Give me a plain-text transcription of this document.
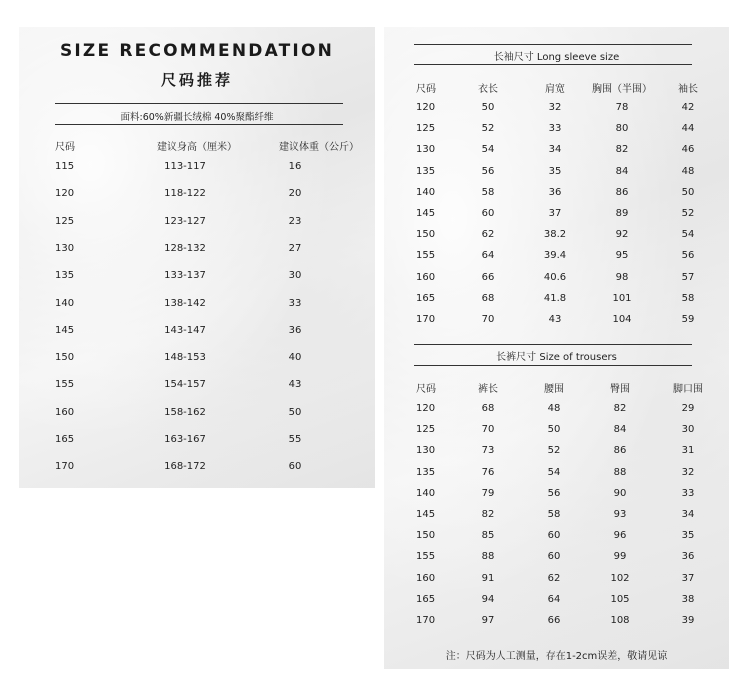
SIZE RECOMMENDATION
尺码推荐
面料:60%新疆长绒棉 40%聚酯纤维
尺码	建议身高（厘米）	建议体重（公斤）
115	113-117	16
120	118-122	20
125	123-127	23
130	128-132	27
135	133-137	30
140	138-142	33
145	143-147	36
150	148-153	40
155	154-157	43
160	158-162	50
165	163-167	55
170	168-172	60
长袖尺寸 Long sleeve size
尺码	衣长	肩宽	胸围（半围）	袖长
120	50	32	78	42
125	52	33	80	44
130	54	34	82	46
135	56	35	84	48
140	58	36	86	50
145	60	37	89	52
150	62	38.2	92	54
155	64	39.4	95	56
160	66	40.6	98	57
165	68	41.8	101	58
170	70	43	104	59
长裤尺寸 Size of trousers
尺码	裤长	腰围	臀围	脚口围
120	68	48	82	29
125	70	50	84	30
130	73	52	86	31
135	76	54	88	32
140	79	56	90	33
145	82	58	93	34
150	85	60	96	35
155	88	60	99	36
160	91	62	102	37
165	94	64	105	38
170	97	66	108	39
注：尺码为人工测量，存在1-2cm误差，敬请见谅
